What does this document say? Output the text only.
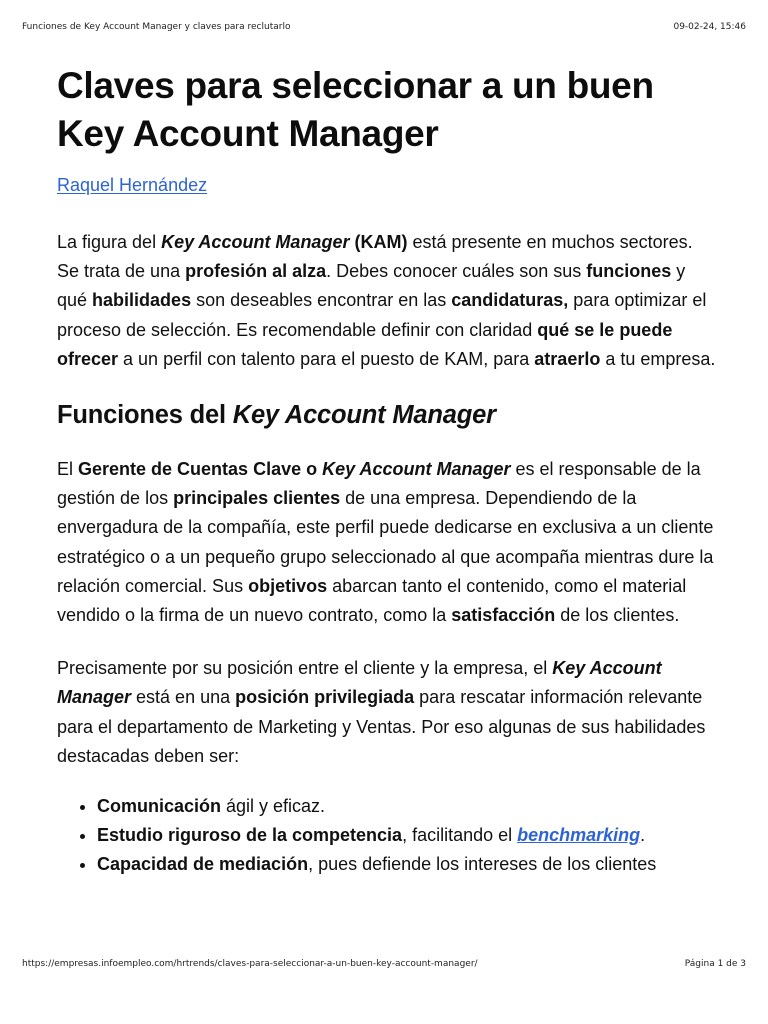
Funciones de Key Account Manager y claves para reclutarlo	09-02-24, 15:46
Claves para seleccionar a un buen
Key Account Manager
Raquel Hernández

La figura del Key Account Manager (KAM) está presente en muchos sectores. Se trata de una profesión al alza. Debes conocer cuáles son sus funciones y qué habilidades son deseables encontrar en las candidaturas, para optimizar el proceso de selección. Es recomendable definir con claridad qué se le puede ofrecer a un perfil con talento para el puesto de KAM, para atraerlo a tu empresa.

Funciones del Key Account Manager

El Gerente de Cuentas Clave o Key Account Manager es el responsable de la gestión de los principales clientes de una empresa. Dependiendo de la envergadura de la compañía, este perfil puede dedicarse en exclusiva a un cliente estratégico o a un pequeño grupo seleccionado al que acompaña mientras dure la relación comercial. Sus objetivos abarcan tanto el contenido, como el material vendido o la firma de un nuevo contrato, como la satisfacción de los clientes.

Precisamente por su posición entre el cliente y la empresa, el Key Account Manager está en una posición privilegiada para rescatar información relevante para el departamento de Marketing y Ventas. Por eso algunas de sus habilidades destacadas deben ser:

• Comunicación ágil y eficaz.
• Estudio riguroso de la competencia, facilitando el benchmarking.
• Capacidad de mediación, pues defiende los intereses de los clientes
https://empresas.infoempleo.com/hrtrends/claves-para-seleccionar-a-un-buen-key-account-manager/	Página 1 de 3
